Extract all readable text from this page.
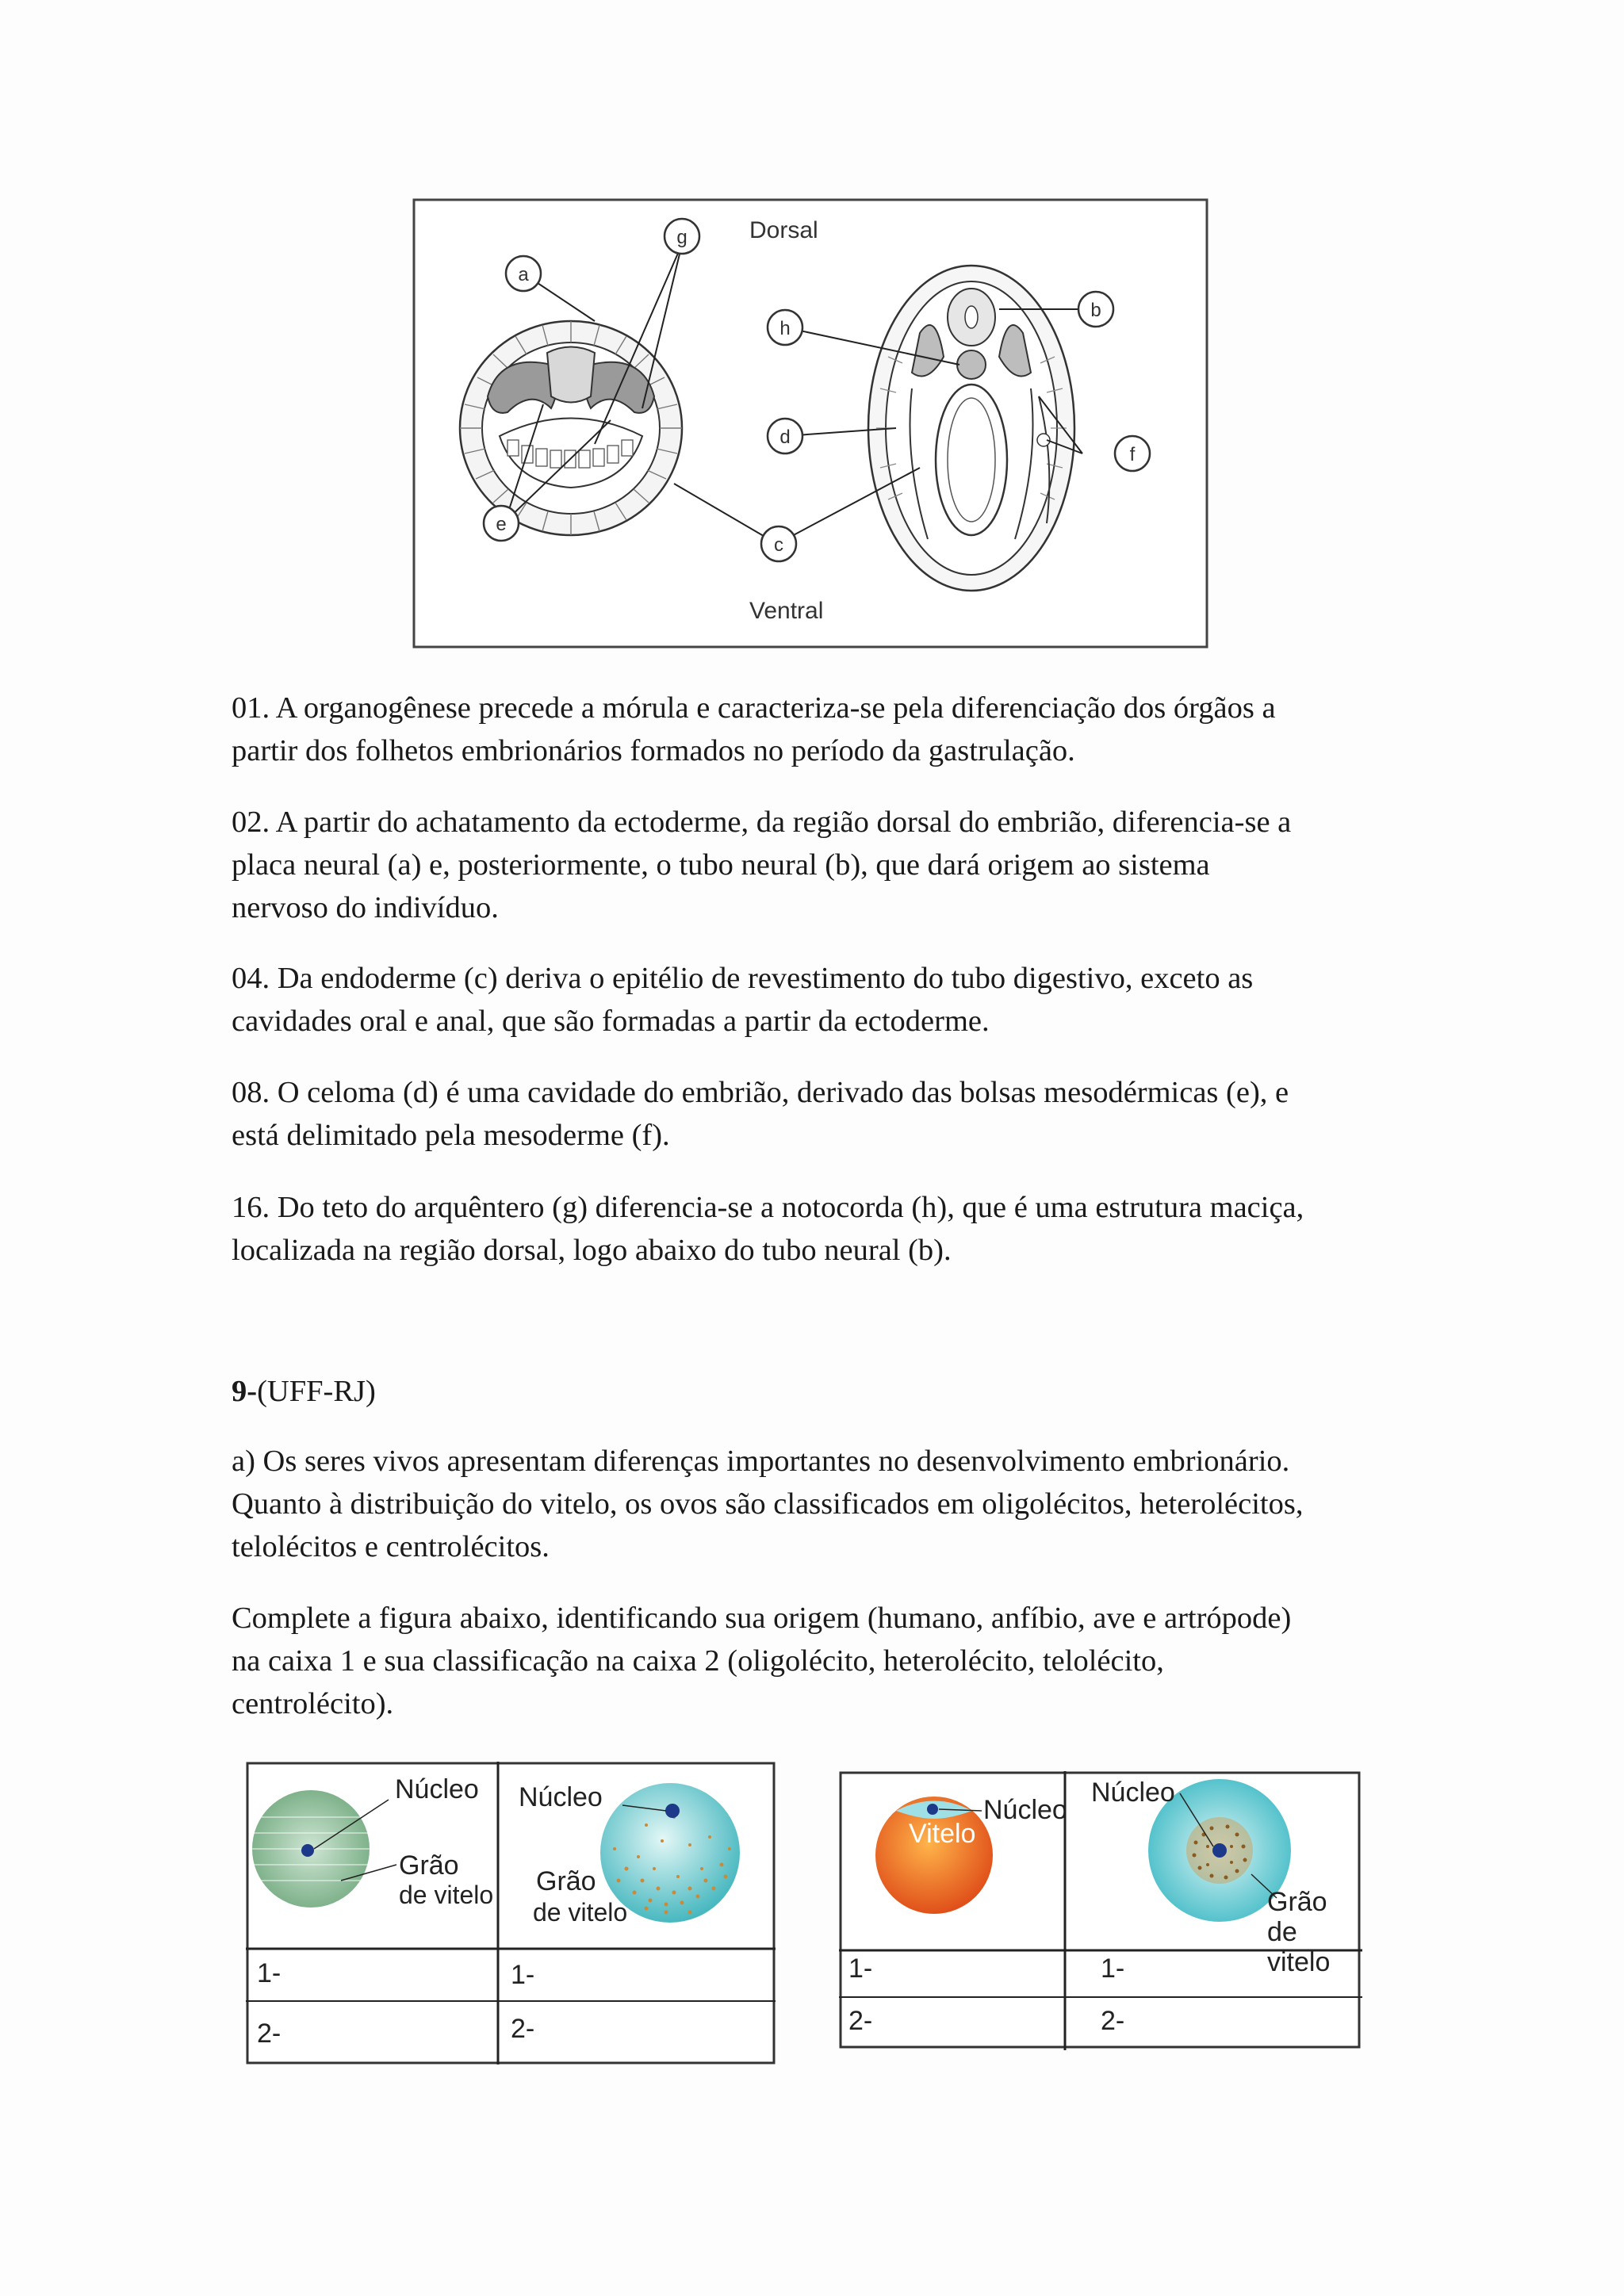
Dorsal
Ventral
a
g
h
b
d
f
e
c
01. A organogênese precede a mórula e caracteriza-se pela diferenciação dos órgãos a
partir dos folhetos embrionários formados no período da gastrulação.
02. A partir do achatamento da ectoderme, da região dorsal do embrião, diferencia-se a
placa neural (a) e, posteriormente, o tubo neural (b), que dará origem ao sistema
nervoso do indivíduo.
04. Da endoderme (c) deriva o epitélio de revestimento do tubo digestivo, exceto as
cavidades oral e anal, que são formadas a partir da ectoderme.
08. O celoma (d) é uma cavidade do embrião, derivado das bolsas mesodérmicas (e), e
está delimitado pela mesoderme (f).
16. Do teto do arquêntero (g) diferencia-se a notocorda (h), que é uma estrutura maciça,
localizada na região dorsal, logo abaixo do tubo neural (b).
9-(UFF-RJ)
a) Os seres vivos apresentam diferenças importantes no desenvolvimento embrionário.
Quanto à distribuição do vitelo, os ovos são classificados em oligolécitos, heterolécitos,
telolécitos e centrolécitos.
Complete a figura abaixo, identificando sua origem (humano, anfíbio, ave e artrópode)
na caixa 1 e sua classificação na caixa 2 (oligolécito, heterolécito, telolécito,
centrolécito).
Núcleo
Grão
de vitelo
Núcleo
Grão
de vitelo
1-	1-
2-	2-
Vitelo
Núcleo
Núcleo
Grão de vitelo
1-	1-
2-	2-
